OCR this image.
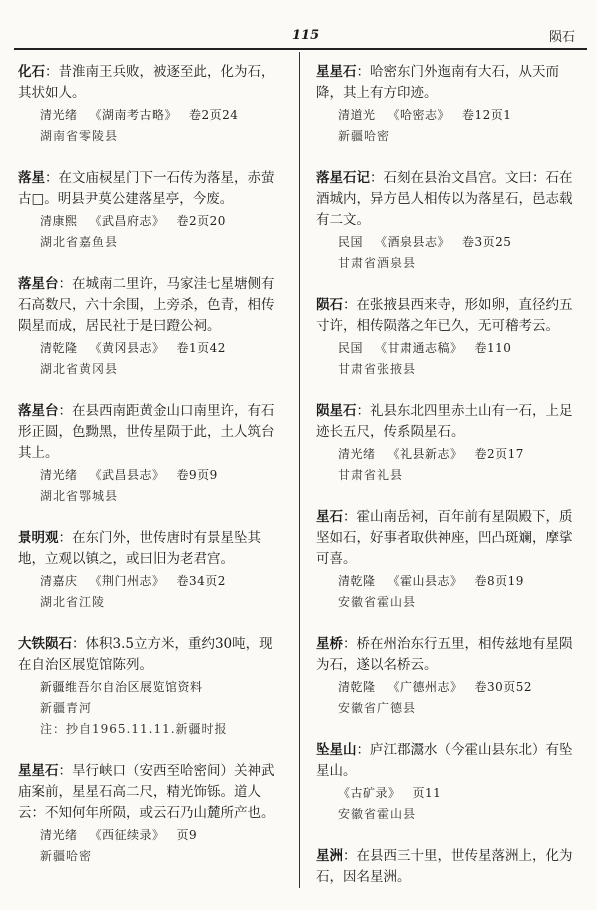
115	陨石

化石：昔淮南王兵败，被逐至此，化为石，其状如人。

清光绪 《湖南考古略》 卷2页24
湖南省零陵县

落星：在文庙棂星门下一石传为落星，赤萤古□。明县尹莫公建落星亭，今废。

清康熙 《武昌府志》 卷2页20
湖北省嘉鱼县

落星台：在城南二里许，马家洼七星塘侧有石高数尺，六十余围，上旁杀，色青，相传陨星而成，居民社于是曰蹬公祠。

清乾隆 《黄冈县志》 卷1页42
湖北省黄冈县

落星台：在县西南距黄金山口南里许，有石形正圆，色黝黑，世传星陨于此，土人筑台其上。

清光绪 《武昌县志》 卷9页9
湖北省鄂城县

景明观：在东门外，世传唐时有景星坠其地，立观以镇之，或曰旧为老君宫。

清嘉庆 《荆门州志》 卷34页2
湖北省江陵

大铁陨石：体积3.5立方米，重约30吨，现在自治区展览馆陈列。

新疆维吾尔自治区展览馆资料
新疆青河
注：抄自1965.11.11.新疆时报

星星石：旱行峡口（安西至哈密间）关神武庙案前，星星石高二尺，精光饰铄。道人云：不知何年所陨，或云石乃山麓所产也。

清光绪 《西征续录》 页9
新疆哈密

星星石：哈密东门外迤南有大石，从天而降，其上有方印迹。

清道光 《哈密志》 卷12页1
新疆哈密

落星石记：石刻在县治文昌宫。文曰：石在酒城内，异方邑人相传以为落星石，邑志载有二文。

民国 《酒泉县志》 卷3页25
甘肃省酒泉县

陨石：在张掖县西来寺，形如卵，直径约五寸许，相传陨落之年已久，无可稽考云。

民国 《甘肃通志稿》 卷110
甘肃省张掖县

陨星石：礼县东北四里赤土山有一石，上足迹长五尺，传系陨星石。

清光绪 《礼县新志》 卷2页17
甘肃省礼县

星石：霍山南岳祠，百年前有星陨殿下，质坚如石，好事者取供神座，凹凸斑斓，摩挲可喜。

清乾隆 《霍山县志》 卷8页19
安徽省霍山县

星桥：桥在州治东行五里，相传兹地有星陨为石，遂以名桥云。

清乾隆 《广德州志》 卷30页52
安徽省广德县

坠星山：庐江郡灊水（今霍山县东北）有坠星山。

《古矿录》 页11
安徽省霍山县

星洲：在县西三十里，世传星落洲上，化为石，因名星洲。
